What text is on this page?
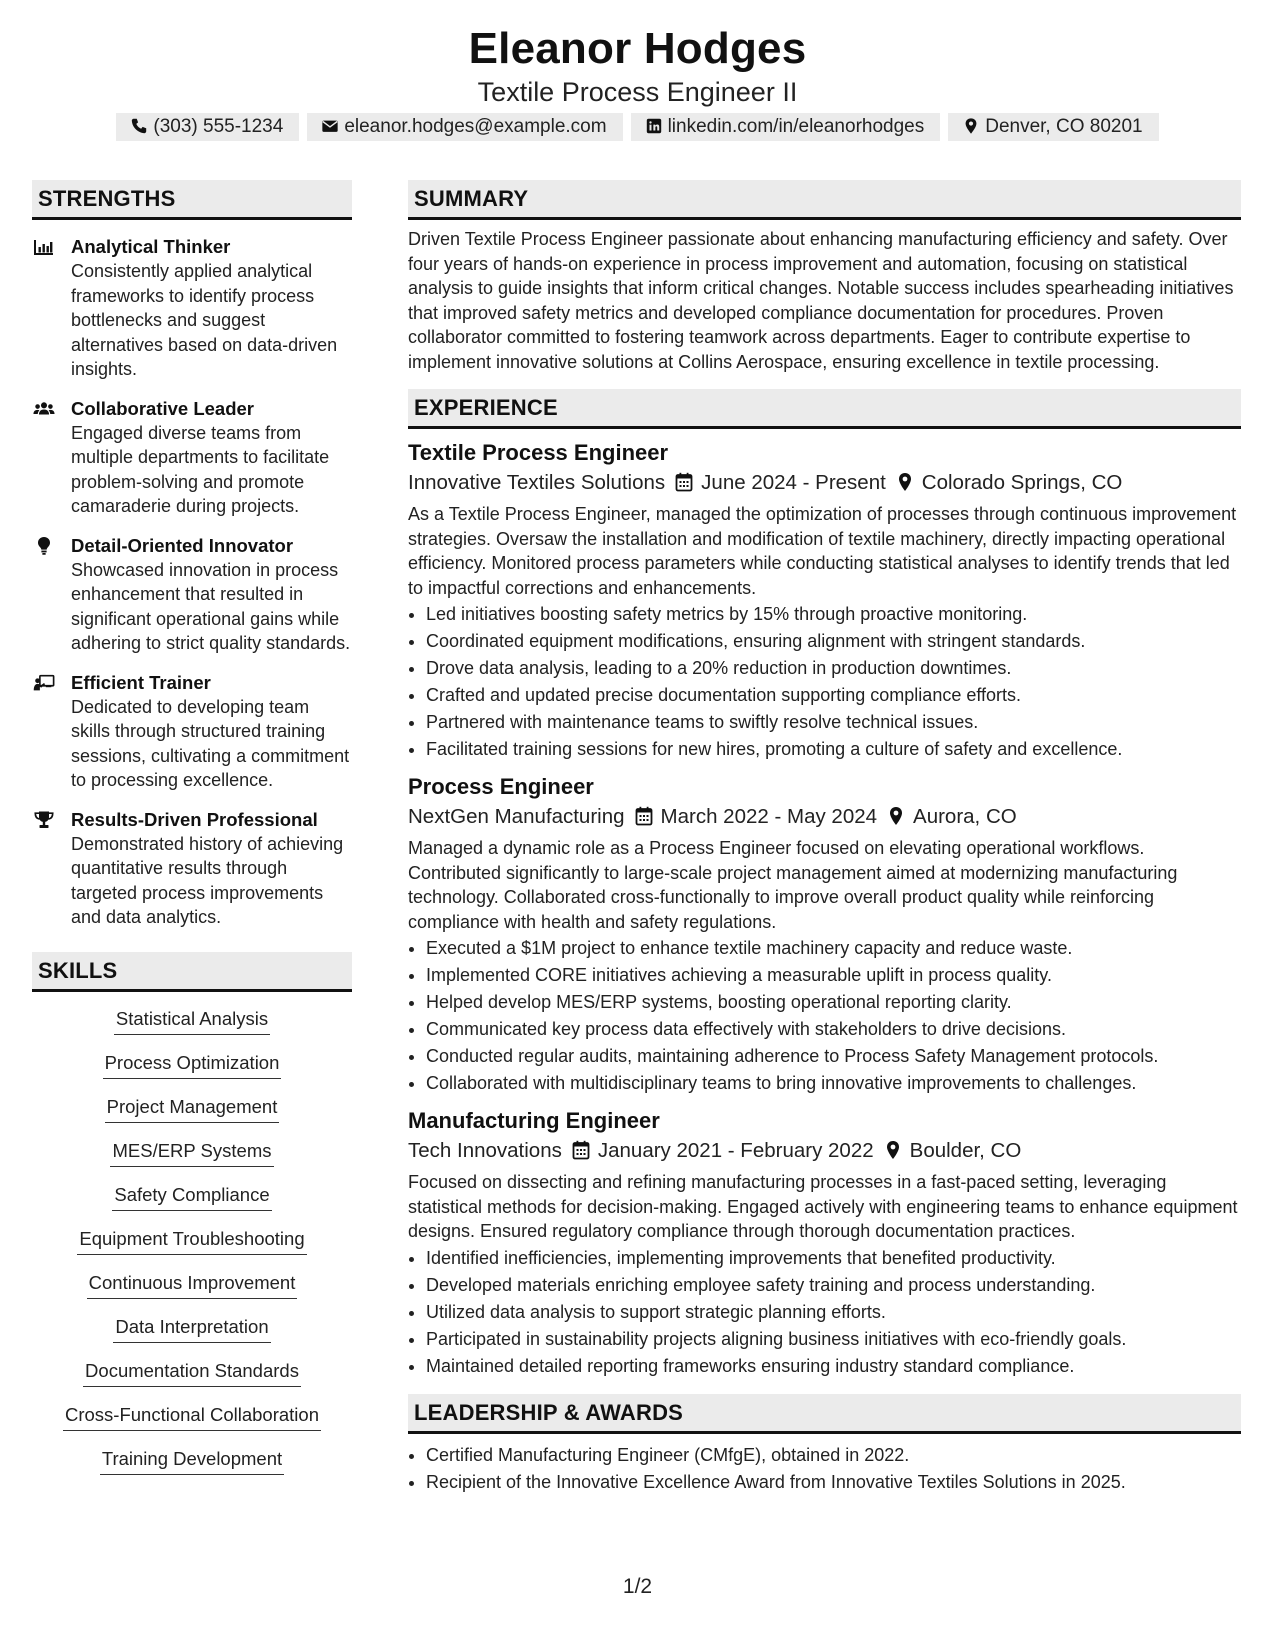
Eleanor Hodges
Textile Process Engineer II
(303) 555-1234	eleanor.hodges@example.com	linkedin.com/in/eleanorhodges	Denver, CO 80201
STRENGTHS
Analytical Thinker
Consistently applied analytical frameworks to identify process bottlenecks and suggest alternatives based on data-driven insights.
Collaborative Leader
Engaged diverse teams from multiple departments to facilitate problem-solving and promote camaraderie during projects.
Detail-Oriented Innovator
Showcased innovation in process enhancement that resulted in significant operational gains while adhering to strict quality standards.
Efficient Trainer
Dedicated to developing team skills through structured training sessions, cultivating a commitment to processing excellence.
Results-Driven Professional
Demonstrated history of achieving quantitative results through targeted process improvements and data analytics.
SKILLS
Statistical Analysis
Process Optimization
Project Management
MES/ERP Systems
Safety Compliance
Equipment Troubleshooting
Continuous Improvement
Data Interpretation
Documentation Standards
Cross-Functional Collaboration
Training Development
SUMMARY
Driven Textile Process Engineer passionate about enhancing manufacturing efficiency and safety. Over four years of hands-on experience in process improvement and automation, focusing on statistical analysis to guide insights that inform critical changes. Notable success includes spearheading initiatives that improved safety metrics and developed compliance documentation for procedures. Proven collaborator committed to fostering teamwork across departments. Eager to contribute expertise to implement innovative solutions at Collins Aerospace, ensuring excellence in textile processing.
EXPERIENCE
Textile Process Engineer
Innovative Textiles Solutions June 2024 - Present Colorado Springs, CO
As a Textile Process Engineer, managed the optimization of processes through continuous improvement strategies. Oversaw the installation and modification of textile machinery, directly impacting operational efficiency. Monitored process parameters while conducting statistical analyses to identify trends that led to impactful corrections and enhancements.
• Led initiatives boosting safety metrics by 15% through proactive monitoring.
• Coordinated equipment modifications, ensuring alignment with stringent standards.
• Drove data analysis, leading to a 20% reduction in production downtimes.
• Crafted and updated precise documentation supporting compliance efforts.
• Partnered with maintenance teams to swiftly resolve technical issues.
• Facilitated training sessions for new hires, promoting a culture of safety and excellence.
Process Engineer
NextGen Manufacturing March 2022 - May 2024 Aurora, CO
Managed a dynamic role as a Process Engineer focused on elevating operational workflows. Contributed significantly to large-scale project management aimed at modernizing manufacturing technology. Collaborated cross-functionally to improve overall product quality while reinforcing compliance with health and safety regulations.
• Executed a $1M project to enhance textile machinery capacity and reduce waste.
• Implemented CORE initiatives achieving a measurable uplift in process quality.
• Helped develop MES/ERP systems, boosting operational reporting clarity.
• Communicated key process data effectively with stakeholders to drive decisions.
• Conducted regular audits, maintaining adherence to Process Safety Management protocols.
• Collaborated with multidisciplinary teams to bring innovative improvements to challenges.
Manufacturing Engineer
Tech Innovations January 2021 - February 2022 Boulder, CO
Focused on dissecting and refining manufacturing processes in a fast-paced setting, leveraging statistical methods for decision-making. Engaged actively with engineering teams to enhance equipment designs. Ensured regulatory compliance through thorough documentation practices.
• Identified inefficiencies, implementing improvements that benefited productivity.
• Developed materials enriching employee safety training and process understanding.
• Utilized data analysis to support strategic planning efforts.
• Participated in sustainability projects aligning business initiatives with eco-friendly goals.
• Maintained detailed reporting frameworks ensuring industry standard compliance.
LEADERSHIP & AWARDS
• Certified Manufacturing Engineer (CMfgE), obtained in 2022.
• Recipient of the Innovative Excellence Award from Innovative Textiles Solutions in 2025.
1/2
